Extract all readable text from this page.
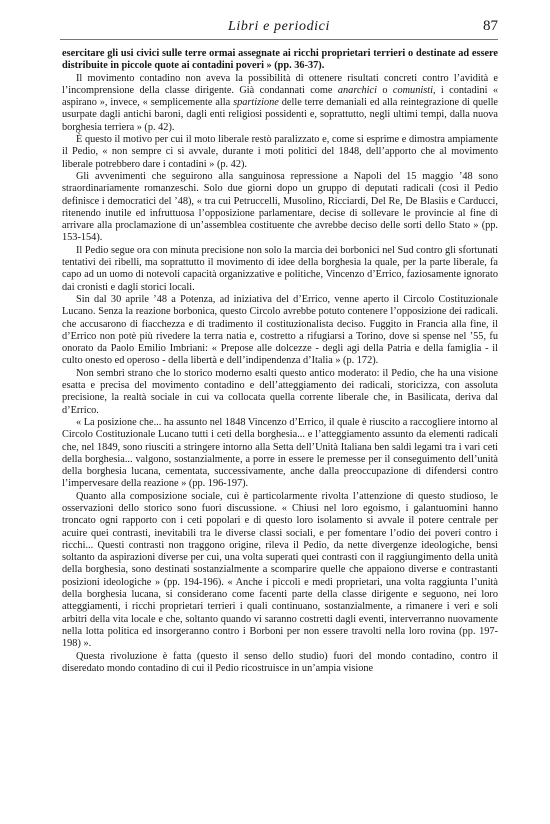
Libri e periodici	87

esercitare gli usi civici sulle terre ormai assegnate ai ricchi proprietari terrieri o destinate ad essere distribuite in piccole quote ai contadini poveri » (pp. 36-37).

Il movimento contadino non aveva la possibilità di ottenere risultati concreti contro l’avidità e l’incomprensione della classe dirigente. Già condannati come anarchici o comunisti, i contadini « aspirano », invece, « semplicemente alla spartizione delle terre demaniali ed alla reintegrazione di quelle usurpate dagli antichi baroni, dagli enti religiosi possidenti e, soprattutto, negli ultimi tempi, dalla nuova borghesia terriera » (p. 42).

È questo il motivo per cui il moto liberale restò paralizzato e, come si esprime e dimostra ampiamente il Pedio, « non sempre ci si avvale, durante i moti politici del 1848, dell’apporto che al movimento liberale potrebbero dare i contadini » (p. 42).

Gli avvenimenti che seguirono alla sanguinosa repressione a Napoli del 15 maggio ’48 sono straordinariamente romanzeschi. Solo due giorni dopo un gruppo di deputati radicali (così il Pedio definisce i democratici del ’48), « tra cui Petruccelli, Musolino, Ricciardi, Del Re, De Blasiis e Carducci, ritenendo inutile ed infruttuosa l’opposizione parlamentare, decise di sollevare le provincie al fine di arrivare alla proclamazione di un’assemblea costituente che avrebbe deciso delle sorti dello Stato » (pp. 153-154).

Il Pedio segue ora con minuta precisione non solo la marcia dei borbonici nel Sud contro gli sfortunati tentativi dei ribelli, ma soprattutto il movimento di idee della borghesia la quale, per la parte liberale, fa capo ad un uomo di notevoli capacità organizzative e politiche, Vincenzo d’Errico, faziosamente ignorato dai cronisti e dagli storici locali.

Sin dal 30 aprile ’48 a Potenza, ad iniziativa del d’Errico, venne aperto il Circolo Costituzionale Lucano. Senza la reazione borbonica, questo Circolo avrebbe potuto contenere l’opposizione dei radicali. che accusarono di fiacchezza e di tradimento il costituzionalista deciso. Fuggito in Francia alla fine, il d’Errico non potè più rivedere la terra natia e, costretto a rifugiarsi a Torino, dove si spense nel ’55, fu onorato da Paolo Emilio Imbriani: « Prepose alle dolcezze - degli agi della Patria e della famiglia - il culto onesto ed operoso - della libertà e dell’indipendenza d’Italia » (p. 172).

Non sembri strano che lo storico moderno esalti questo antico moderato: il Pedio, che ha una visione esatta e precisa del movimento contadino e dell’atteggiamento dei radicali, storicizza, con assoluta precisione, la realtà sociale in cui va collocata quella corrente liberale che, in Basilicata, deriva dal d’Errico.

« La posizione che... ha assunto nel 1848 Vincenzo d’Errico, il quale è riuscito a raccogliere intorno al Circolo Costituzionale Lucano tutti i ceti della borghesia... e l’atteggiamento assunto da elementi radicali che, nel 1849, sono riusciti a stringere intorno alla Setta dell’Unità Italiana ben saldi legami tra i vari ceti della borghesia... valgono, sostanzialmente, a porre in essere le premesse per il conseguimento dell’unità della borghesia lucana, cementata, successivamente, anche dalla preoccupazione di difendersi contro l’impervesare della reazione » (pp. 196-197).

Quanto alla composizione sociale, cui è particolarmente rivolta l’attenzione di questo studioso, le osservazioni dello storico sono fuori discussione. « Chiusi nel loro egoismo, i galantuomini hanno troncato ogni rapporto con i ceti popolari e di questo loro isolamento si avvale il potere centrale per acuire quei contrasti, inevitabili tra le diverse classi sociali, e per fomentare l’odio dei poveri contro i ricchi... Questi contrasti non traggono origine, rileva il Pedio, da nette divergenze ideologiche, bensì soltanto da aspirazioni diverse per cui, una volta superati quei contrasti con il raggiungimento della unità della borghesia, sono destinati sostanzialmente a scomparire quelle che appaiono diverse e contrastanti posizioni ideologiche » (pp. 194-196). « Anche i piccoli e medi proprietari, una volta raggiunta l’unità della borghesia lucana, si considerano come facenti parte della classe dirigente e seguono, nei loro atteggiamenti, i ricchi proprietari terrieri i quali continuano, sostanzialmente, a rimanere i veri e soli arbitri della vita locale e che, soltanto quando vi saranno costretti dagli eventi, interverranno nuovamente nella lotta politica ed insorgeranno contro i Borboni per non essere travolti nella loro rovina (pp. 197-198) ».

Questa rivoluzione è fatta (questo il senso dello studio) fuori del mondo contadino, contro il diseredato mondo contadino di cui il Pedio ricostruisce in un’ampia visione
